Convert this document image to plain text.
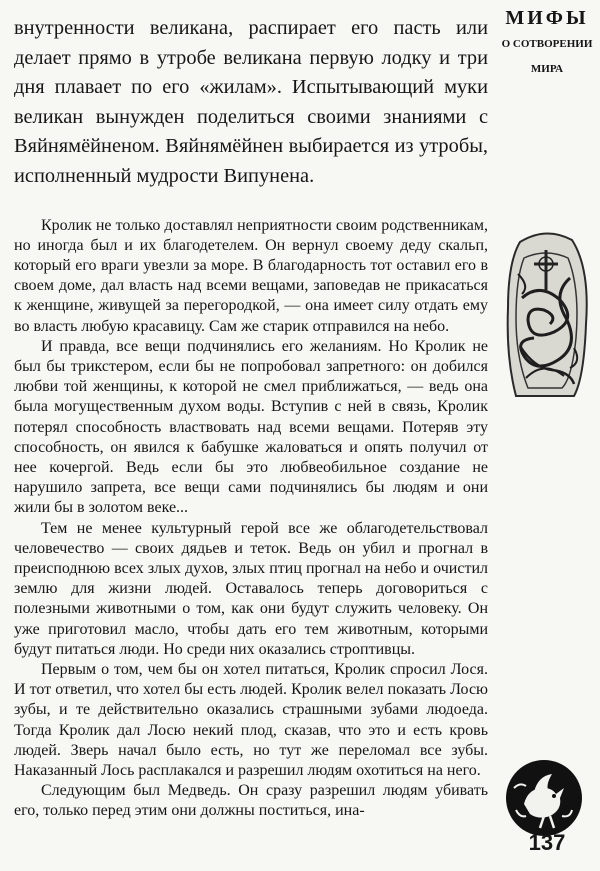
внутренности великана, распирает его пасть или делает прямо в утробе великана первую лодку и три дня плавает по его «жилам». Испытывающий муки великан вынужден поделиться своими знаниями с Вяйнямёйненом. Вяйнямёйнен выбирается из утробы, исполненный мудрости Випунена.

Кролик не только доставлял неприятности своим родственникам, но иногда был и их благодетелем. Он вернул своему деду скальп, который его враги увезли за море. В благодарность тот оставил его в своем доме, дал власть над всеми вещами, заповедав не прикасаться к женщине, живущей за перегородкой, — она имеет силу отдать ему во власть любую красавицу. Сам же старик отправился на небо.

И правда, все вещи подчинялись его желаниям. Но Кролик не был бы трикстером, если бы не попробовал запретного: он добился любви той женщины, к которой не смел приближаться, — ведь она была могущественным духом воды. Вступив с ней в связь, Кролик потерял способность властвовать над всеми вещами. Потеряв эту способность, он явился к бабушке жаловаться и опять получил от нее кочергой. Ведь если бы это любвеобильное создание не нарушило запрета, все вещи сами подчинялись бы людям и они жили бы в золотом веке...

Тем не менее культурный герой все же облагодетельствовал человечество — своих дядьев и теток. Ведь он убил и прогнал в преисподнюю всех злых духов, злых птиц прогнал на небо и очистил землю для жизни людей. Оставалось теперь договориться с полезными животными о том, как они будут служить человеку. Он уже приготовил масло, чтобы дать его тем животным, которыми будут питаться люди. Но среди них оказались строптивцы.

Первым о том, чем бы он хотел питаться, Кролик спросил Лося. И тот ответил, что хотел бы есть людей. Кролик велел показать Лосю зубы, и те действительно оказались страшными зубами людоеда. Тогда Кролик дал Лосю некий плод, сказав, что это и есть кровь людей. Зверь начал было есть, но тут же переломал все зубы. Наказанный Лось расплакался и разрешил людям охотиться на него.

Следующим был Медведь. Он сразу разрешил людям убивать его, только перед этим они должны поститься, ина-

МИФЫ
О СОТВОРЕНИИ
МИРА
137
